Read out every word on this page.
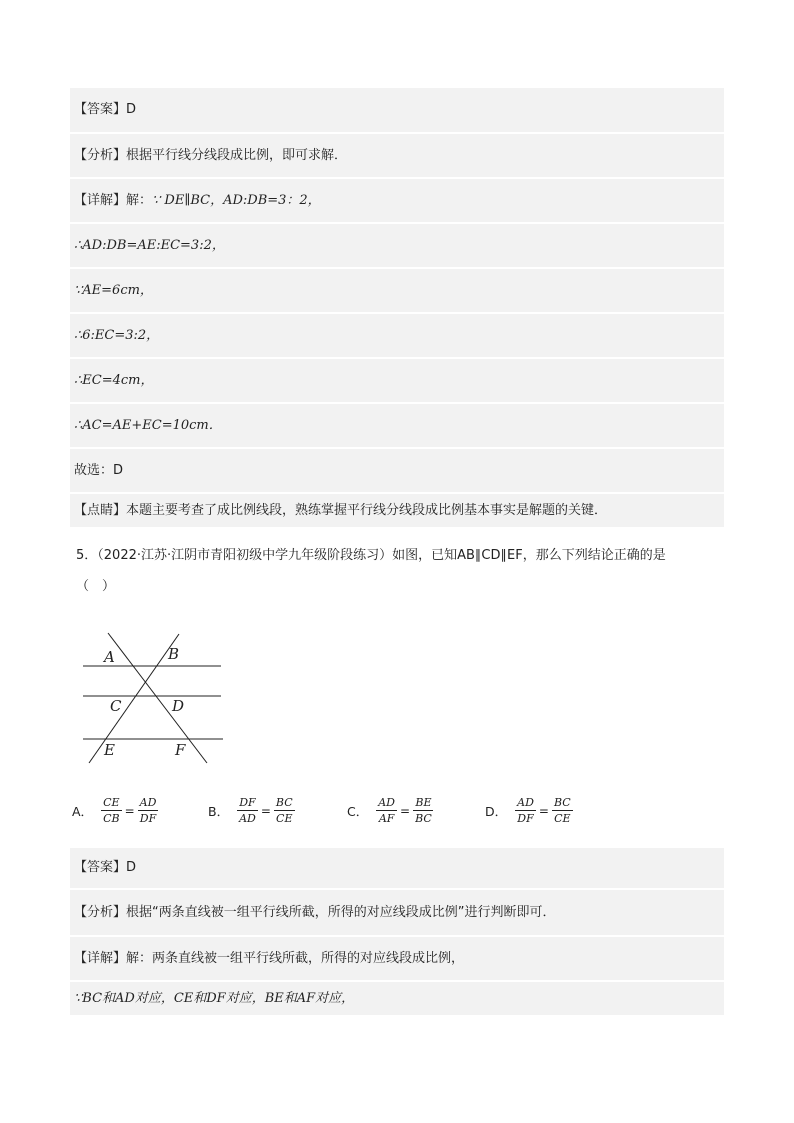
【答案】D
【分析】根据平行线分线段成比例，即可求解．
【详解】解： ∵ DE∥BC，AD:DB=3：2，
∴AD:DB=AE:EC=3:2，
∵AE=6cm，
∴6:EC=3:2，
∴EC=4cm，
∴AC=AE+EC=10cm．
故选：D
【点睛】本题主要考查了成比例线段，熟练掌握平行线分线段成比例基本事实是解题的关键．
5．（2022·江苏·江阴市青阳初级中学九年级阶段练习）如图，已知AB∥CD∥EF，那么下列结论正确的是
（　）
A	B
C	D
E	F
A． $\frac{CE}{CB} = \frac{AD}{DF}$	B． $\frac{DF}{AD} = \frac{BC}{CE}$	C． $\frac{AD}{AF} = \frac{BE}{BC}$	D． $\frac{AD}{DF} = \frac{BC}{CE}$
【答案】D
【分析】根据“两条直线被一组平行线所截，所得的对应线段成比例”进行判断即可．
【详解】解：两条直线被一组平行线所截，所得的对应线段成比例，
∵BC和AD对应，CE和DF对应，BE和AF对应，
